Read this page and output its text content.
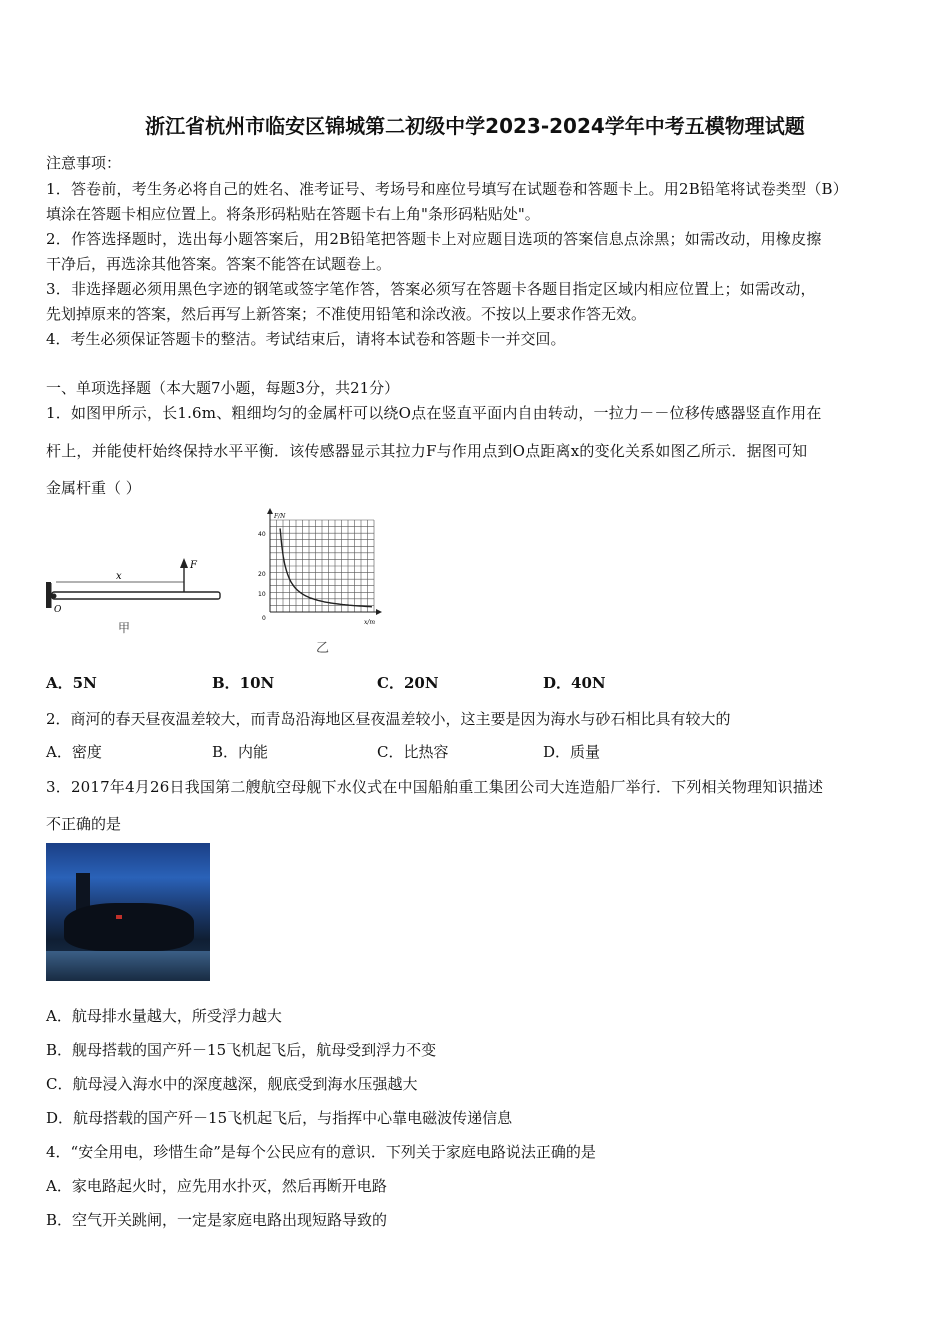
浙江省杭州市临安区锦城第二初级中学2023-2024学年中考五模物理试题
注意事项：
1．答卷前，考生务必将自己的姓名、准考证号、考场号和座位号填写在试题卷和答题卡上。用2B铅笔将试卷类型（B）
填涂在答题卡相应位置上。将条形码粘贴在答题卡右上角"条形码粘贴处"。
2．作答选择题时，选出每小题答案后，用2B铅笔把答题卡上对应题目选项的答案信息点涂黑；如需改动，用橡皮擦
干净后，再选涂其他答案。答案不能答在试题卷上。
3．非选择题必须用黑色字迹的钢笔或签字笔作答，答案必须写在答题卡各题目指定区域内相应位置上；如需改动，
先划掉原来的答案，然后再写上新答案；不准使用铅笔和涂改液。不按以上要求作答无效。
4．考生必须保证答题卡的整洁。考试结束后，请将本试卷和答题卡一并交回。
一、单项选择题（本大题7小题，每题3分，共21分）
1．如图甲所示，长1.6m、粗细均匀的金属杆可以绕O点在竖直平面内自由转动，一拉力－－位移传感器竖直作用在
杆上，并能使杆始终保持水平平衡．该传感器显示其拉力F与作用点到O点距离x的变化关系如图乙所示．据图可知
金属杆重（ ）
F
x
O
甲
F/N
x/m
40
20
10
0
乙
A．5N	B．10N	C．20N	D．40N
2．商河的春天昼夜温差较大，而青岛沿海地区昼夜温差较小，这主要是因为海水与砂石相比具有较大的
A．密度	B．内能	C．比热容	D．质量
3．2017年4月26日我国第二艘航空母舰下水仪式在中国船舶重工集团公司大连造船厂举行．下列相关物理知识描述
不正确的是
A．航母排水量越大，所受浮力越大
B．舰母搭载的国产歼－15飞机起飞后，航母受到浮力不变
C．航母浸入海水中的深度越深，舰底受到海水压强越大
D．航母搭载的国产歼－15飞机起飞后，与指挥中心靠电磁波传递信息
4．“安全用电，珍惜生命”是每个公民应有的意识．下列关于家庭电路说法正确的是
A．家电路起火时，应先用水扑灭，然后再断开电路
B．空气开关跳闸，一定是家庭电路出现短路导致的
